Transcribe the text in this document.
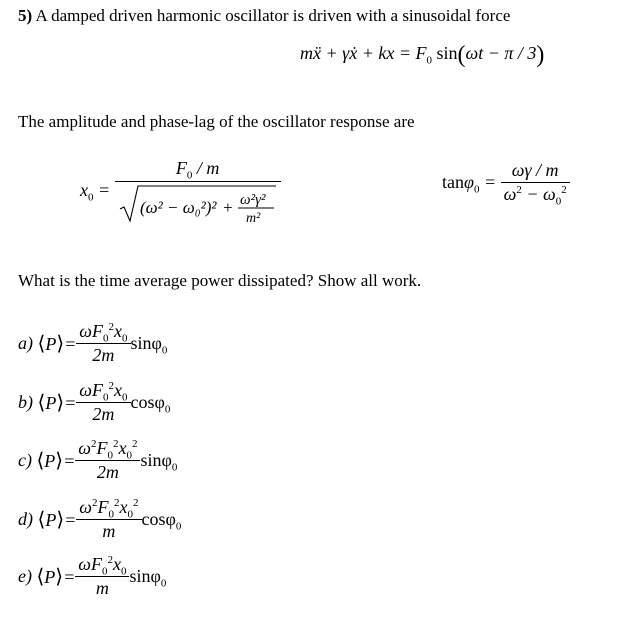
5) A damped driven harmonic oscillator is driven with a sinusoidal force
mẍ + γẋ + kx = $F_0$ sin(ωt − π / 3)
The amplitude and phase-lag of the oscillator response are
$x_0 = F_0 / m$
(ω² − ω₀²)² + ω²γ²
m²	$\tan\varphi_0 = \frac{\omega\gamma / m}{\omega^2 - \omega_0^2}$
What is the time average power dissipated? Show all work.
a) ⟨P⟩= $\frac{\omega F_0^2x_0}{2m} \sin\varphi_0$
b) ⟨P⟩= $\frac{\omega F_0^2x_0}{2m} \cos\varphi_0$
c) ⟨P⟩= $\frac{\omega^2F_0^2x_0^2}{2m} \sin\varphi_0$
d) ⟨P⟩= $\frac{\omega^2F_0^2x_0^2}{m} \cos\varphi_0$
e) ⟨P⟩= $\frac{\omega F_0^2x_0}{m} \sin\varphi_0$
